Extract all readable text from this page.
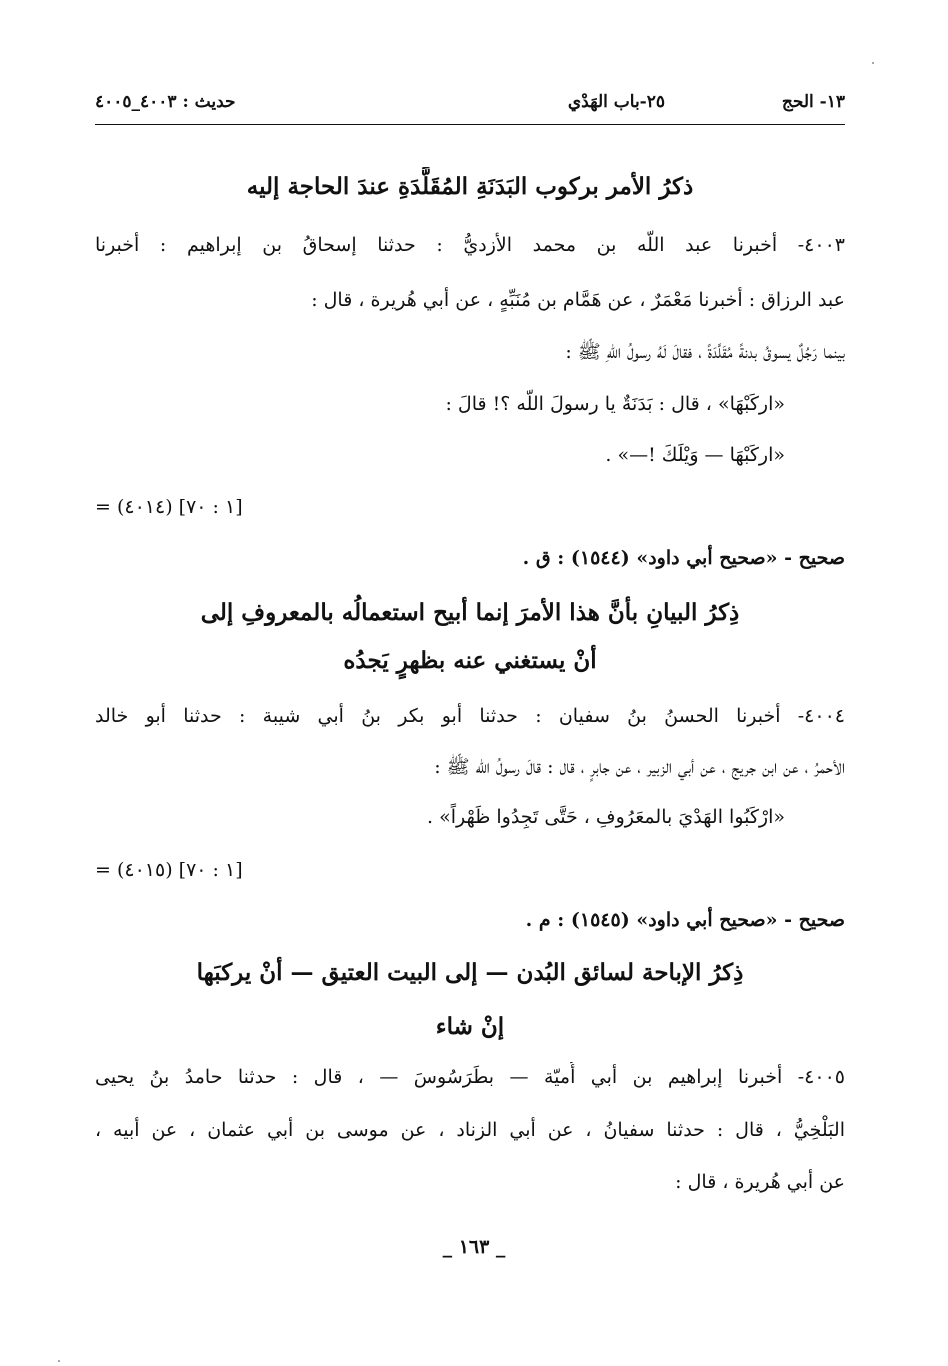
١٣- الحج
٢٥-باب الهَدْي
حديث : ٤٠٠٣_٤٠٠٥
ذكرُ الأمر بركوب البَدَنَةِ المُقَلَّدَةِ عندَ الحاجة إليه
٤٠٠٣- أخبرنا عبد اللّه بن محمد الأزديُّ : حدثنا إسحاقُ بن إبراهيم : أخبرنا
عبد الرزاق : أخبرنا مَعْمَرٌ ، عن هَمَّام بن مُنَبِّهٍ ، عن أبي هُريرة ، قال :
بينما رَجُلٌ يسوقُ بدنةً مُقَلَّدَةً ، فقالَ لَهُ رسولُ اللّهِ ﷺ :
«اركَبْهَا» ، قال : بَدَنَةٌ يا رسولَ اللّه ؟! قالَ :
«اركَبْهَا — وَيْلَكَ !—» .
= (٤٠١٤) [١ : ٧٠]
صحيح - «صحيح أبي داود» (١٥٤٤) : ق .
ذِكرُ البيانِ بأنَّ هذا الأمرَ إنما أبيح استعمالُه بالمعروفِ إلى
أنْ يستغني عنه بظهرٍ يَجدُه
٤٠٠٤- أخبرنا الحسنُ بنُ سفيان : حدثنا أبو بكر بنُ أبي شيبة : حدثنا أبو خالد
الأحمرُ ، عن ابن جريج ، عن أبي الزبير ، عن جابرٍ ، قال : قالَ رسولُ اللّه ﷺ :
«ارْكَبُوا الهَدْيَ بالمعَرُوفِ ، حَتَّى تَجِدُوا ظَهْراً» .
= (٤٠١٥) [١ : ٧٠]
صحيح - «صحيح أبي داود» (١٥٤٥) : م .
ذِكرُ الإباحة لسائق البُدن — إلى البيت العتيق — أنْ يركبَها
إنْ شاء
٤٠٠٥- أخبرنا إبراهيم بن أبي أُميّة — بطَرَسُوسَ — ، قال : حدثنا حامدُ بنُ يحيى
البَلْخِيُّ ، قال : حدثنا سفيانُ ، عن أبي الزناد ، عن موسى بن أبي عثمان ، عن أبيه ،
عن أبي هُريرة ، قال :
_ ١٦٣ _
